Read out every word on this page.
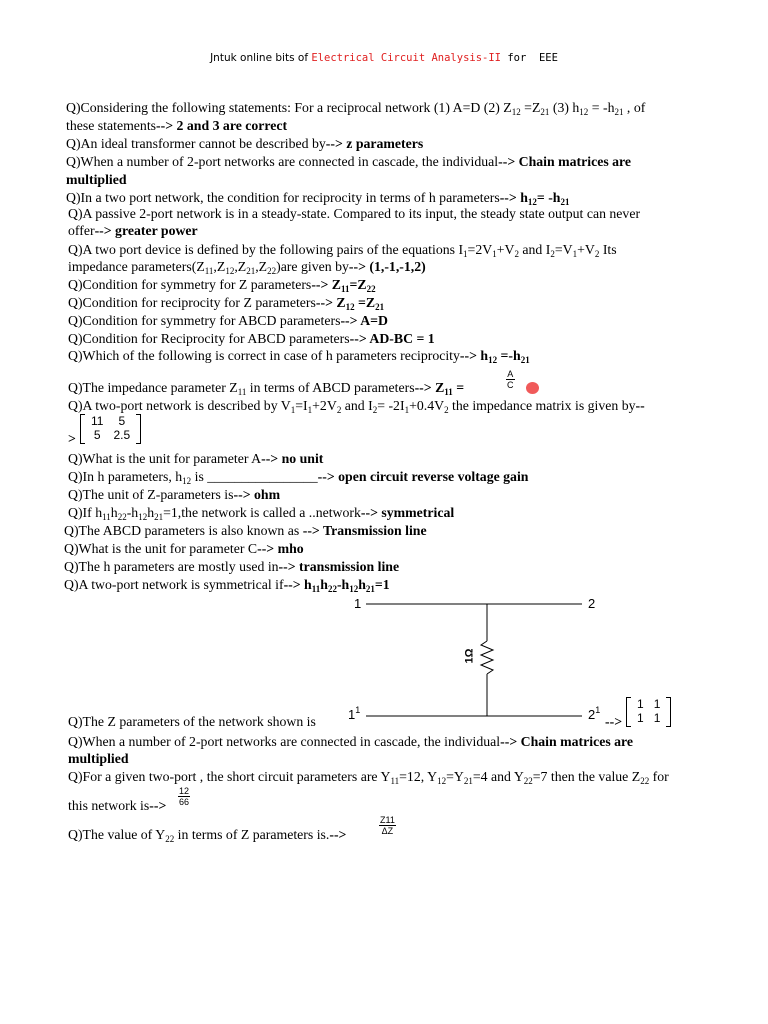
Jntuk online bits of Electrical Circuit Analysis-II for  EEE
Q)Considering the following statements: For a reciprocal network (1) A=D (2) $Z_{12} =Z_{21}$ (3) $h_{12} = -h_{21}$ , of
these statements--> 2 and 3 are correct
Q)An ideal transformer cannot be described by--> z parameters
Q)When a number of 2-port networks are connected in cascade, the individual--> Chain matrices are
multiplied
Q)In a two port network, the condition for reciprocity in terms of h parameters--> $h_{12}= -h_{21}$
Q)A passive 2-port network is in a steady-state. Compared to its input, the steady state output can never
offer--> greater power
Q)A two port device is defined by the following pairs of the equations $I_1=2V_1+V_2$ and $I_2=V_1+V_2$ Its
impedance $parameters(Z_{11},Z_{12},Z_{21},Z_{22})are$ given by--> (1,-1,-1,2)
Q)Condition for symmetry for Z parameters--> $Z_{11}=Z_{22}$
Q)Condition for reciprocity for Z parameters--> $Z_{12} =Z_{21}$
Q)Condition for symmetry for ABCD parameters--> A=D
Q)Condition for Reciprocity for ABCD parameters--> AD-BC = 1
Q)Which of the following is correct in case of h parameters reciprocity--> $h_{12} =-h_{21}$
Q)The impedance parameter $Z_{11}$ in terms of ABCD parameters--> $Z_{11}$ =	$\frac{A}{C}$
Q)A two-port network is described by $V_1=I_1+2V_2$ and $I_2= -2I_1+0.4V_2$ the impedance matrix is given by--
>
11	5
5	2.5
Q)What is the unit for parameter A--> no unit
Q)In h parameters, $h_{12}$ is ________________--> open circuit reverse voltage gain
Q)The unit of Z-parameters is--> ohm
Q)If $h_{11}h_{22}-h_{12}h_{21}=1,the$ network is called a ..network--> symmetrical
Q)The ABCD parameters is also known as --> Transmission line
Q)What is the unit for parameter C--> mho
Q)The h parameters are mostly used in--> transmission line
Q)A two-port network is symmetrical $if--> h_{11}h_{22}-h_{12}h_{21}=1$
1	2
$1^1$	$2^1$
1Ω
Q)The Z parameters of the network shown is	-->
1	1
1	1
Q)When a number of 2-port networks are connected in cascade, the individual--> Chain matrices are
multiplied
Q)For a given two-port , the short circuit parameters are $Y_{11}=12$, $Y_{12}=Y_{21}=4$ and $Y_{22}=7$ then the value $Z_{22}$ for
this network $is--> \frac{12}{66}$
Q)The value of $Y_{22}$ in terms of Z parameters is.-->	$\frac{Z11}{\Delta Z}$
